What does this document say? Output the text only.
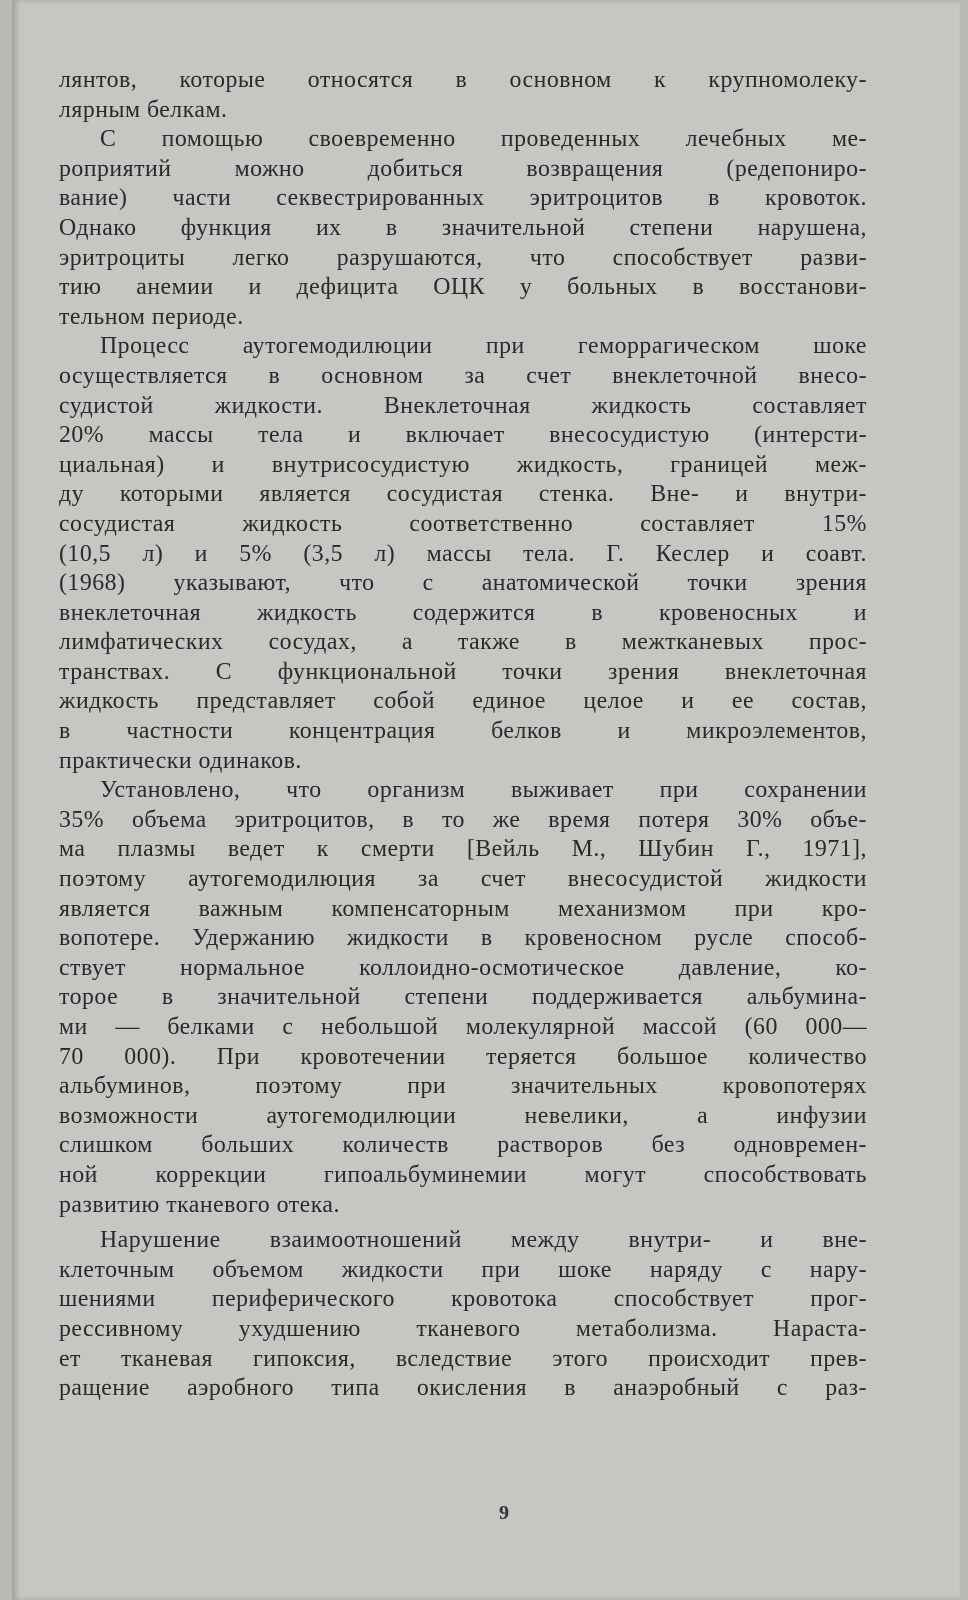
лянтов, которые относятся в основном к крупномолеку-
лярным белкам.
С помощью своевременно проведенных лечебных ме-
роприятий можно добиться возвращения (редепониро-
вание) части секвестрированных эритроцитов в кровоток.
Однако функция их в значительной степени нарушена,
эритроциты легко разрушаются, что способствует разви-
тию анемии и дефицита ОЦК у больных в восстанови-
тельном периоде.
Процесс аутогемодилюции при геморрагическом шоке
осуществляется в основном за счет внеклеточной внесо-
судистой жидкости. Внеклеточная жидкость составляет
20% массы тела и включает внесосудистую (интерсти-
циальная) и внутрисосудистую жидкость, границей меж-
ду которыми является сосудистая стенка. Вне- и внутри-
сосудистая жидкость соответственно составляет 15%
(10,5 л) и 5% (3,5 л) массы тела. Г. Кеслер и соавт.
(1968) указывают, что с анатомической точки зрения
внеклеточная жидкость содержится в кровеносных и
лимфатических сосудах, а также в межтканевых прос-
транствах. С функциональной точки зрения внеклеточная
жидкость представляет собой единое целое и ее состав,
в частности концентрация белков и микроэлементов,
практически одинаков.
Установлено, что организм выживает при сохранении
35% объема эритроцитов, в то же время потеря 30% объе-
ма плазмы ведет к смерти [Вейль М., Шубин Г., 1971],
поэтому аутогемодилюция за счет внесосудистой жидкости
является важным компенсаторным механизмом при кро-
вопотере. Удержанию жидкости в кровеносном русле способ-
ствует нормальное коллоидно-осмотическое давление, ко-
торое в значительной степени поддерживается альбумина-
ми — белками с небольшой молекулярной массой (60 000—
70 000). При кровотечении теряется большое количество
альбуминов, поэтому при значительных кровопотерях
возможности аутогемодилюции невелики, а инфузии
слишком больших количеств растворов без одновремен-
ной коррекции гипоальбуминемии могут способствовать
развитию тканевого отека.
Нарушение взаимоотношений между внутри- и вне-
клеточным объемом жидкости при шоке наряду с нару-
шениями периферического кровотока способствует прог-
рессивному ухудшению тканевого метаболизма. Нараста-
ет тканевая гипоксия, вследствие этого происходит прев-
ращение аэробного типа окисления в анаэробный с раз-
9
